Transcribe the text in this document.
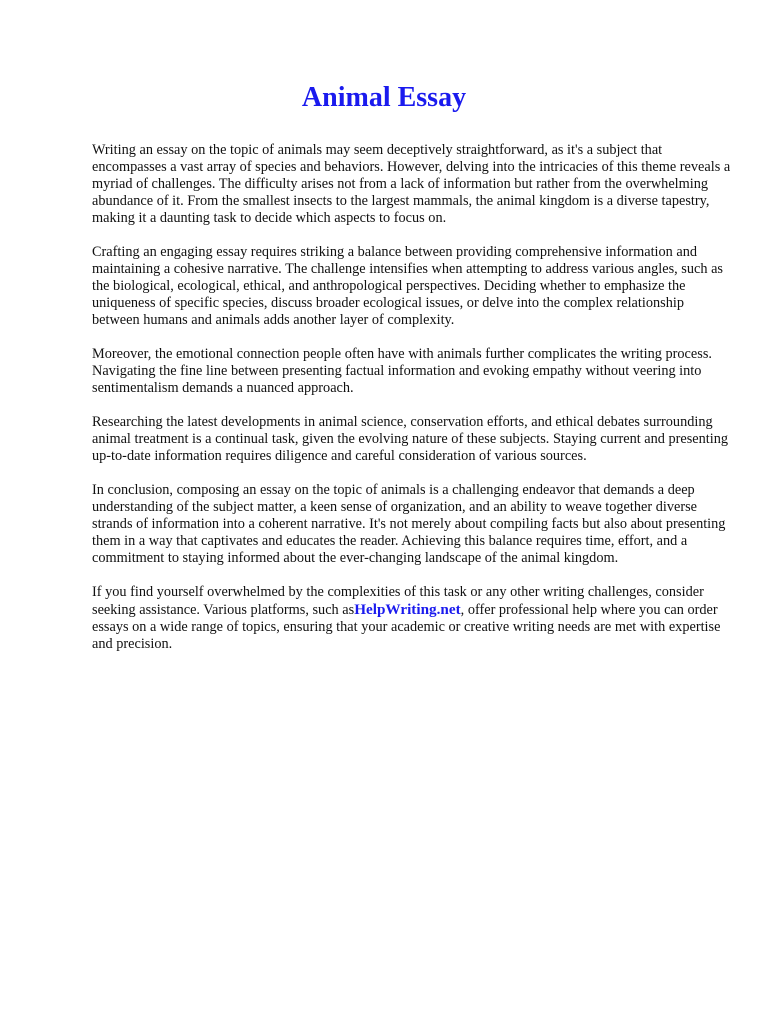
Animal Essay

Writing an essay on the topic of animals may seem deceptively straightforward, as it's a subject that encompasses a vast array of species and behaviors. However, delving into the intricacies of this theme reveals a myriad of challenges. The difficulty arises not from a lack of information but rather from the overwhelming abundance of it. From the smallest insects to the largest mammals, the animal kingdom is a diverse tapestry, making it a daunting task to decide which aspects to focus on.

Crafting an engaging essay requires striking a balance between providing comprehensive information and maintaining a cohesive narrative. The challenge intensifies when attempting to address various angles, such as the biological, ecological, ethical, and anthropological perspectives. Deciding whether to emphasize the uniqueness of specific species, discuss broader ecological issues, or delve into the complex relationship between humans and animals adds another layer of complexity.

Moreover, the emotional connection people often have with animals further complicates the writing process. Navigating the fine line between presenting factual information and evoking empathy without veering into sentimentalism demands a nuanced approach.

Researching the latest developments in animal science, conservation efforts, and ethical debates surrounding animal treatment is a continual task, given the evolving nature of these subjects. Staying current and presenting up-to-date information requires diligence and careful consideration of various sources.

In conclusion, composing an essay on the topic of animals is a challenging endeavor that demands a deep understanding of the subject matter, a keen sense of organization, and an ability to weave together diverse strands of information into a coherent narrative. It's not merely about compiling facts but also about presenting them in a way that captivates and educates the reader. Achieving this balance requires time, effort, and a commitment to staying informed about the ever-changing landscape of the animal kingdom.

If you find yourself overwhelmed by the complexities of this task or any other writing challenges, consider seeking assistance. Various platforms, such asHelpWriting.net, offer professional help where you can order essays on a wide range of topics, ensuring that your academic or creative writing needs are met with expertise and precision.
